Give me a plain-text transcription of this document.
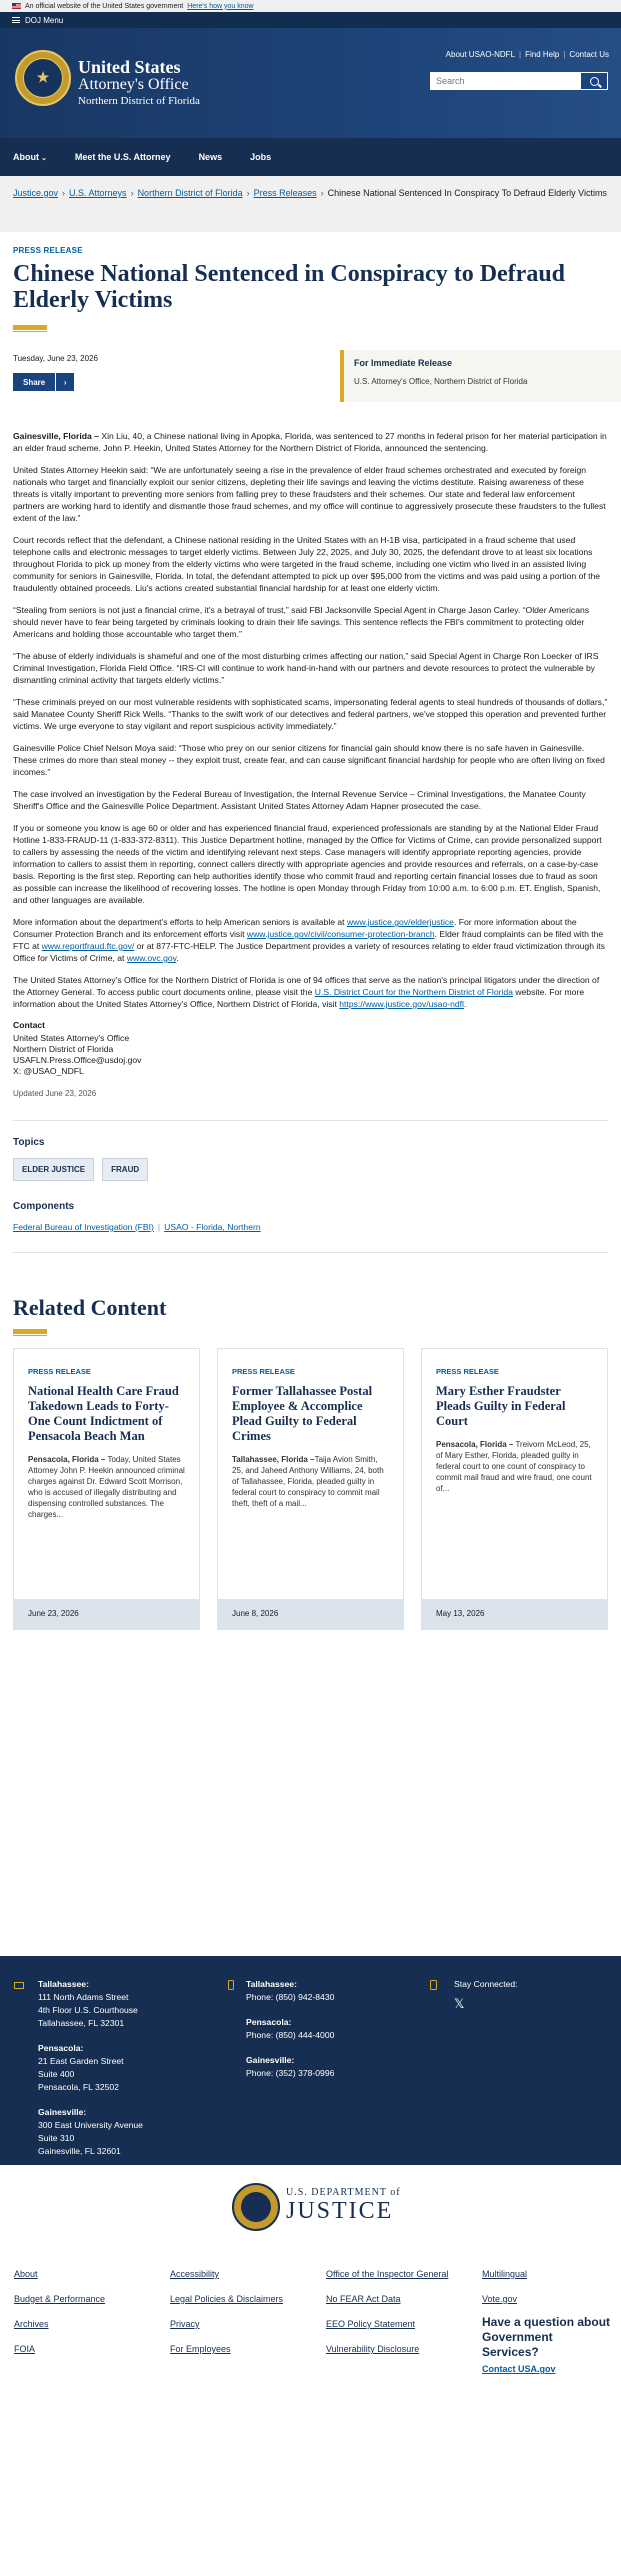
An official website of the United States government Here's how you know
DOJ Menu
★
United States
Attorney's Office
Northern District of Florida
About USAO-NDFL | Find Help | Contact Us
Search
About ⌄	Meet the U.S. Attorney	News	Jobs
Justice.gov › U.S. Attorneys › Northern District of Florida › Press Releases › Chinese National Sentenced In Conspiracy To Defraud Elderly Victims
PRESS RELEASE
Chinese National Sentenced in Conspiracy to Defraud Elderly Victims
Tuesday, June 23, 2026
Share	›
For Immediate Release
U.S. Attorney's Office, Northern District of Florida

Gainesville, Florida – Xin Liu, 40, a Chinese national living in Apopka, Florida, was sentenced to 27 months in federal prison for her material participation in an elder fraud scheme. John P. Heekin, United States Attorney for the Northern District of Florida, announced the sentencing.

United States Attorney Heekin said: “We are unfortunately seeing a rise in the prevalence of elder fraud schemes orchestrated and executed by foreign nationals who target and financially exploit our senior citizens, depleting their life savings and leaving the victims destitute. Raising awareness of these threats is vitally important to preventing more seniors from falling prey to these fraudsters and their schemes. Our state and federal law enforcement partners are working hard to identify and dismantle those fraud schemes, and my office will continue to aggressively prosecute these fraudsters to the fullest extent of the law.”

Court records reflect that the defendant, a Chinese national residing in the United States with an H-1B visa, participated in a fraud scheme that used telephone calls and electronic messages to target elderly victims. Between July 22, 2025, and July 30, 2025, the defendant drove to at least six locations throughout Florida to pick up money from the elderly victims who were targeted in the fraud scheme, including one victim who lived in an assisted living community for seniors in Gainesville, Florida. In total, the defendant attempted to pick up over $95,000 from the victims and was paid using a portion of the fraudulently obtained proceeds. Liu's actions created substantial financial hardship for at least one elderly victim.

“Stealing from seniors is not just a financial crime, it's a betrayal of trust,” said FBI Jacksonville Special Agent in Charge Jason Carley. “Older Americans should never have to fear being targeted by criminals looking to drain their life savings. This sentence reflects the FBI's commitment to protecting older Americans and holding those accountable who target them.”

“The abuse of elderly individuals is shameful and one of the most disturbing crimes affecting our nation,” said Special Agent in Charge Ron Loecker of IRS Criminal Investigation, Florida Field Office. “IRS-CI will continue to work hand-in-hand with our partners and devote resources to protect the vulnerable by dismantling criminal activity that targets elderly victims.”

“These criminals preyed on our most vulnerable residents with sophisticated scams, impersonating federal agents to steal hundreds of thousands of dollars,” said Manatee County Sheriff Rick Wells. “Thanks to the swift work of our detectives and federal partners, we've stopped this operation and prevented further victims. We urge everyone to stay vigilant and report suspicious activity immediately.”

Gainesville Police Chief Nelson Moya said: “Those who prey on our senior citizens for financial gain should know there is no safe haven in Gainesville. These crimes do more than steal money -- they exploit trust, create fear, and can cause significant financial hardship for people who are often living on fixed incomes.”

The case involved an investigation by the Federal Bureau of Investigation, the Internal Revenue Service – Criminal Investigations, the Manatee County Sheriff's Office and the Gainesville Police Department. Assistant United States Attorney Adam Hapner prosecuted the case.

If you or someone you know is age 60 or older and has experienced financial fraud, experienced professionals are standing by at the National Elder Fraud Hotline 1-833-FRAUD-11 (1-833-372-8311). This Justice Department hotline, managed by the Office for Victims of Crime, can provide personalized support to callers by assessing the needs of the victim and identifying relevant next steps. Case managers will identify appropriate reporting agencies, provide information to callers to assist them in reporting, connect callers directly with appropriate agencies and provide resources and referrals, on a case-by-case basis. Reporting is the first step. Reporting can help authorities identify those who commit fraud and reporting certain financial losses due to fraud as soon as possible can increase the likelihood of recovering losses. The hotline is open Monday through Friday from 10:00 a.m. to 6:00 p.m. ET. English, Spanish, and other languages are available.

More information about the department's efforts to help American seniors is available at www.justice.gov/elderjustice. For more information about the Consumer Protection Branch and its enforcement efforts visit www.justice.gov/civil/consumer-protection-branch. Elder fraud complaints can be filed with the FTC at www.reportfraud.ftc.gov/ or at 877-FTC-HELP. The Justice Department provides a variety of resources relating to elder fraud victimization through its Office for Victims of Crime, at www.ovc.gov.

The United States Attorney's Office for the Northern District of Florida is one of 94 offices that serve as the nation's principal litigators under the direction of the Attorney General. To access public court documents online, please visit the U.S. District Court for the Northern District of Florida website. For more information about the United States Attorney's Office, Northern District of Florida, visit https://www.justice.gov/usao-ndfl.

Contact
United States Attorney's Office
Northern District of Florida
USAFLN.Press.Office@usdoj.gov
X: @USAO_NDFL
Updated June 23, 2026
Topics
ELDER JUSTICE	FRAUD
Components
Federal Bureau of Investigation (FBI) | USAO - Florida, Northern
Related Content
PRESS RELEASE
National Health Care Fraud Takedown Leads to Forty-One Count Indictment of Pensacola Beach Man
Pensacola, Florida – Today, United States Attorney John P. Heekin announced criminal charges against Dr. Edward Scott Morrison, who is accused of illegally distributing and dispensing controlled substances. The charges...
June 23, 2026
PRESS RELEASE
Former Tallahassee Postal Employee & Accomplice Plead Guilty to Federal Crimes
Tallahassee, Florida –Taija Avion Smith, 25, and Jaheed Anthony Williams, 24, both of Tallahassee, Florida, pleaded guilty in federal court to conspiracy to commit mail theft, theft of a mail...
June 8, 2026
PRESS RELEASE
Mary Esther Fraudster Pleads Guilty in Federal Court
Pensacola, Florida – Treivorn McLeod, 25, of Mary Esther, Florida, pleaded guilty in federal court to one count of conspiracy to commit mail fraud and wire fraud, one count of...
May 13, 2026
Tallahassee:
111 North Adams Street
4th Floor U.S. Courthouse
Tallahassee, FL 32301
Pensacola:
21 East Garden Street
Suite 400
Pensacola, FL 32502
Gainesville:
300 East University Avenue
Suite 310
Gainesville, FL 32601
Tallahassee:
Phone: (850) 942-8430
Pensacola:
Phone: (850) 444-4000
Gainesville:
Phone: (352) 378-0996
Stay Connected:
𝕏
U.S. DEPARTMENT of
JUSTICE
About
Budget & Performance
Archives
FOIA
Accessibility
Legal Policies & Disclaimers
Privacy
For Employees
Office of the Inspector General
No FEAR Act Data
EEO Policy Statement
Vulnerability Disclosure
Multilingual
Vote.gov
Have a question about Government Services?
Contact USA.gov
